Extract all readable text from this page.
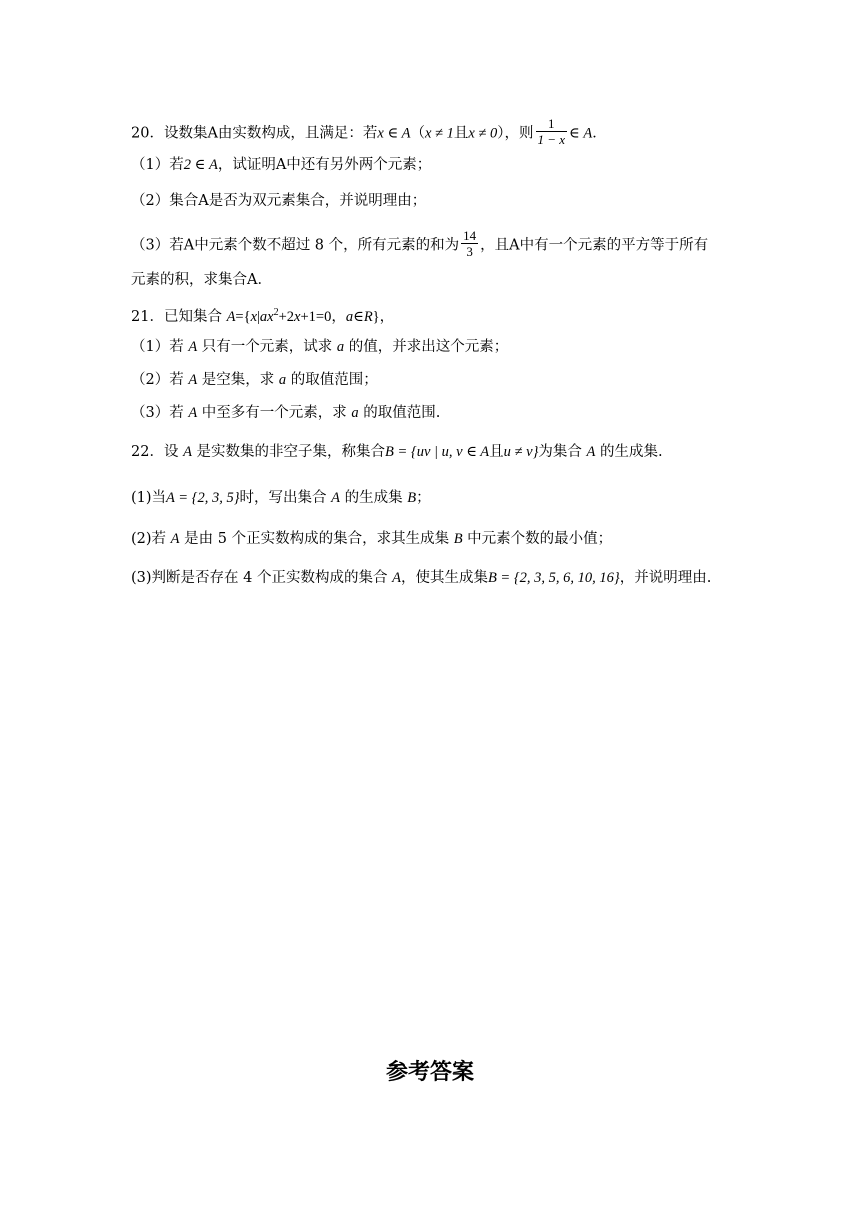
20．设数集A由实数构成，且满足：若x ∈ A（x ≠ 1且x ≠ 0），则 $\frac{1}{1 - x}$ ∈ A．
（1）若2 ∈ A，试证明A中还有另外两个元素；
（2）集合A是否为双元素集合，并说明理由；
（3）若A中元素个数不超过 8 个，所有元素的和为 $\frac{14}{3}$ ，且A中有一个元素的平方等于所有
元素的积，求集合A．
21．已知集合 $A=\{x|ax^2+2x+1=0$，a∈R}，
（1）若 A 只有一个元素，试求 a 的值，并求出这个元素；
（2）若 A 是空集，求 a 的取值范围；
（3）若 A 中至多有一个元素，求 a 的取值范围.
22．设 A 是实数集的非空子集，称集合B = {uv | u, v ∈ A且u ≠ v}为集合 A 的生成集.
(1)当A = {2, 3, 5}时，写出集合 A 的生成集 B；
(2)若 A 是由 5 个正实数构成的集合，求其生成集 B 中元素个数的最小值；
(3)判断是否存在 4 个正实数构成的集合 A，使其生成集B = {2, 3, 5, 6, 10, 16}，并说明理由.
参考答案
